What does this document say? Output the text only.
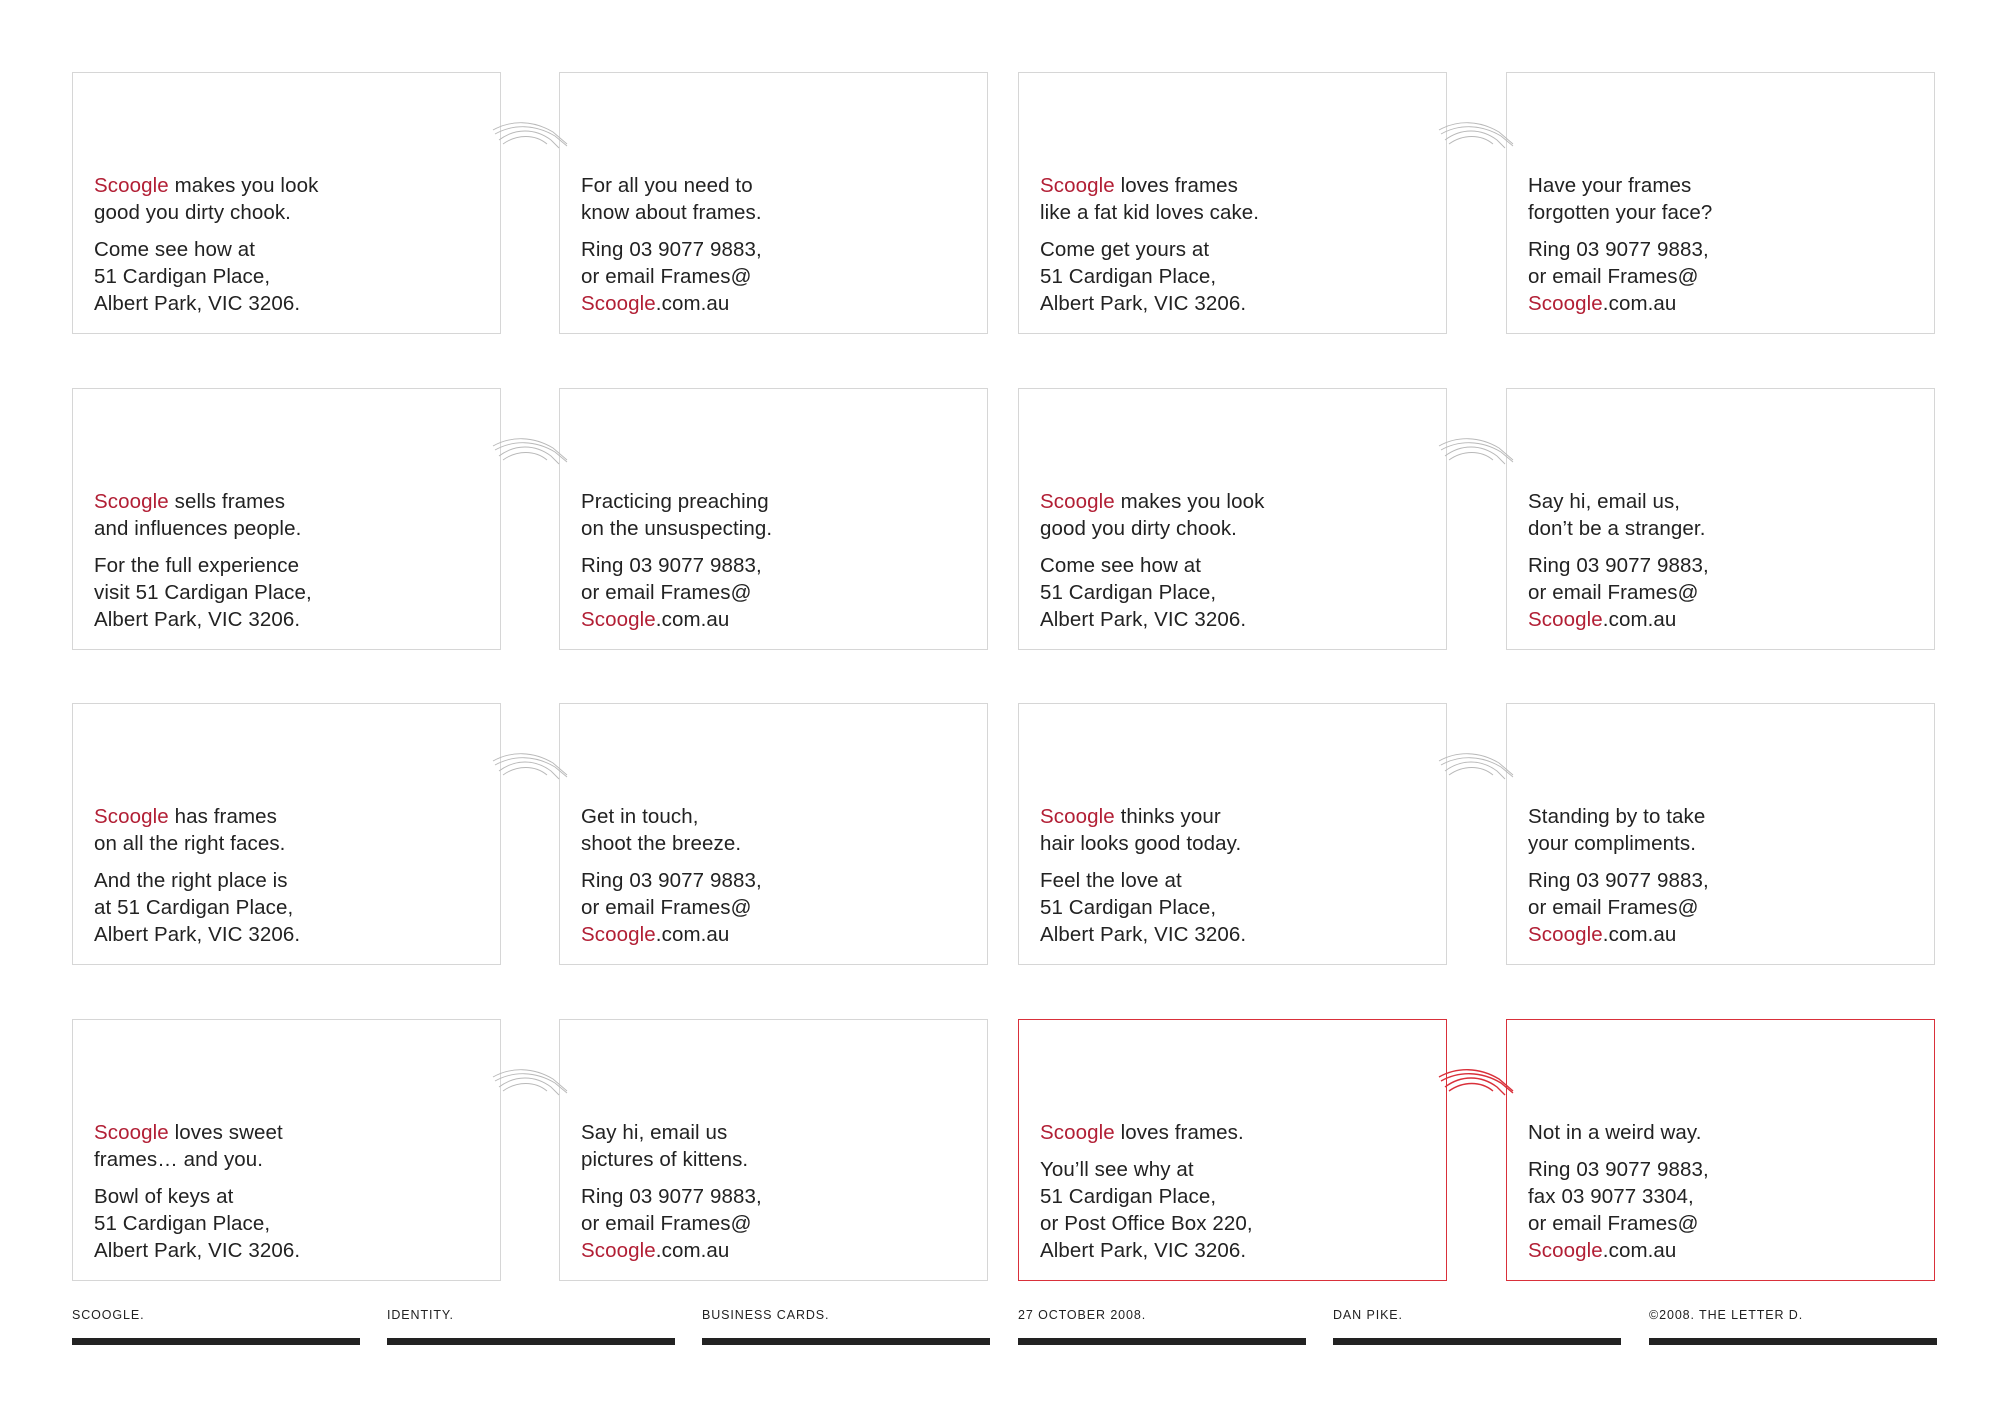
Scoogle makes you look
good you dirty chook.
Come see how at
51 Cardigan Place,
Albert Park, VIC 3206.
For all you need to
know about frames.
Ring 03 9077 9883,
or email Frames@
Scoogle.com.au
Scoogle loves frames
like a fat kid loves cake.
Come get yours at
51 Cardigan Place,
Albert Park, VIC 3206.
Have your frames
forgotten your face?
Ring 03 9077 9883,
or email Frames@
Scoogle.com.au
Scoogle sells frames
and influences people.
For the full experience
visit 51 Cardigan Place,
Albert Park, VIC 3206.
Practicing preaching
on the unsuspecting.
Ring 03 9077 9883,
or email Frames@
Scoogle.com.au
Scoogle makes you look
good you dirty chook.
Come see how at
51 Cardigan Place,
Albert Park, VIC 3206.
Say hi, email us,
don’t be a stranger.
Ring 03 9077 9883,
or email Frames@
Scoogle.com.au
Scoogle has frames
on all the right faces.
And the right place is
at 51 Cardigan Place,
Albert Park, VIC 3206.
Get in touch,
shoot the breeze.
Ring 03 9077 9883,
or email Frames@
Scoogle.com.au
Scoogle thinks your
hair looks good today.
Feel the love at
51 Cardigan Place,
Albert Park, VIC 3206.
Standing by to take
your compliments.
Ring 03 9077 9883,
or email Frames@
Scoogle.com.au
Scoogle loves sweet
frames… and you.
Bowl of keys at
51 Cardigan Place,
Albert Park, VIC 3206.
Say hi, email us
pictures of kittens.
Ring 03 9077 9883,
or email Frames@
Scoogle.com.au
Scoogle loves frames.
You’ll see why at
51 Cardigan Place,
or Post Office Box 220,
Albert Park, VIC 3206.
Not in a weird way.
Ring 03 9077 9883,
fax 03 9077 3304,
or email Frames@
Scoogle.com.au
SCOOGLE.	IDENTITY.	BUSINESS CARDS.	27 OCTOBER 2008.	DAN PIKE.	©2008. THE LETTER D.
